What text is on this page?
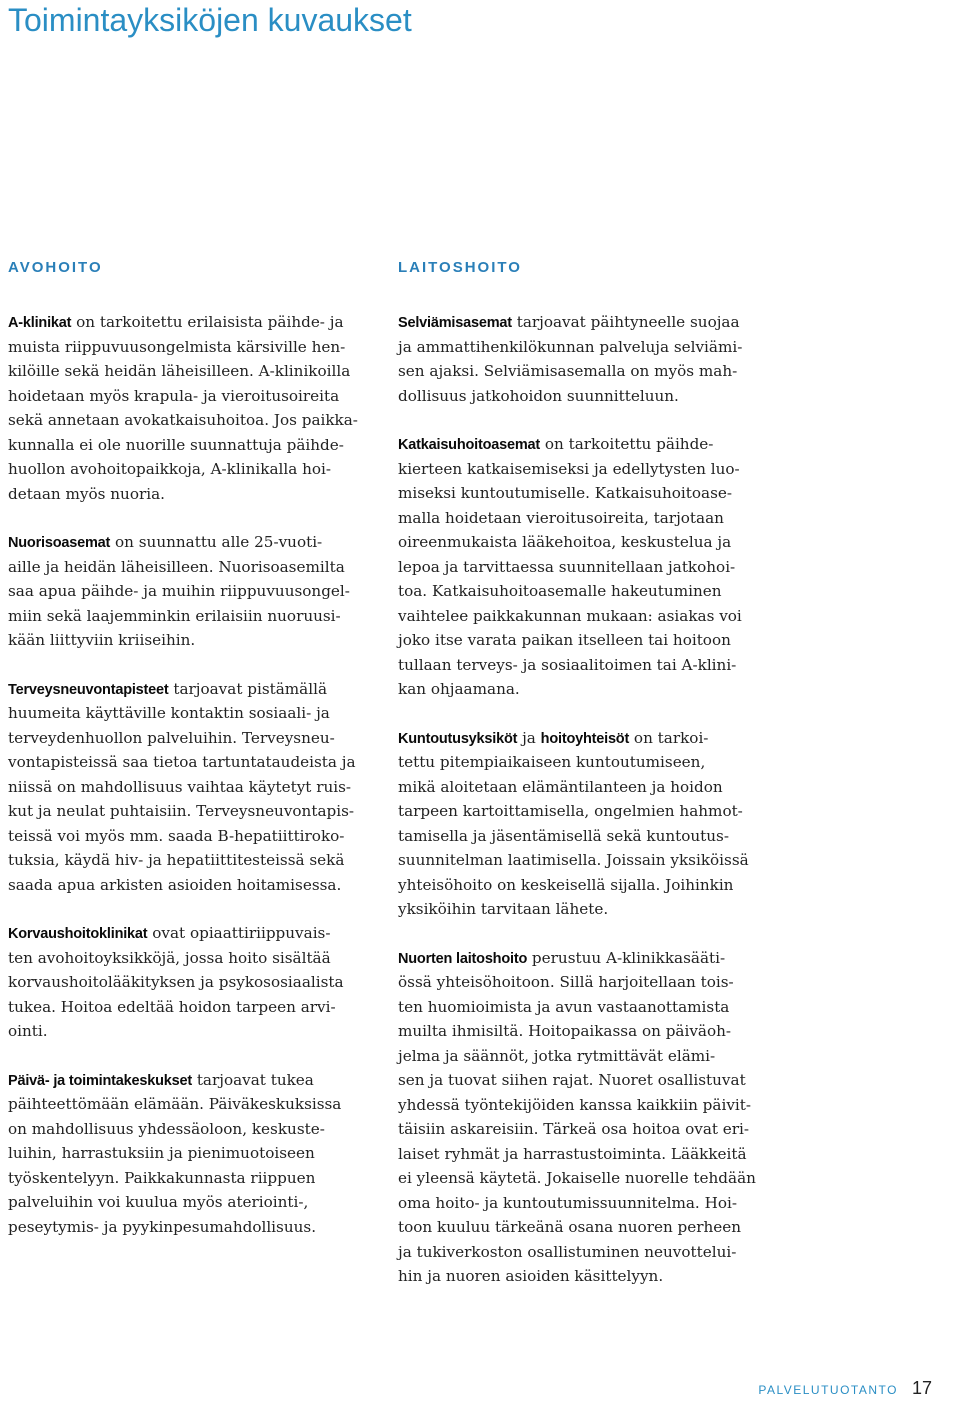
Toimintayksiköjen kuvaukset
AVOHOITO
A-klinikat on tarkoitettu erilaisista päihde- ja
muista riippuvuusongelmista kärsiville hen-
kilöille sekä heidän läheisilleen. A-klinikoilla
hoidetaan myös krapula- ja vieroitusoireita
sekä annetaan avokatkaisuhoitoa. Jos paikka-
kunnalla ei ole nuorille suunnattuja päihde-
huollon avohoitopaikkoja, A-klinikalla hoi-
detaan myös nuoria.
Nuorisoasemat on suunnattu alle 25-vuoti-
aille ja heidän läheisilleen. Nuorisoasemilta
saa apua päihde- ja muihin riippuvuusongel-
miin sekä laajemminkin erilaisiin nuoruusi-
kään liittyviin kriiseihin.
Terveysneuvontapisteet tarjoavat pistämällä
huumeita käyttäville kontaktin sosiaali- ja
terveydenhuollon palveluihin. Terveysneu-
vontapisteissä saa tietoa tartuntataudeista ja
niissä on mahdollisuus vaihtaa käytetyt ruis-
kut ja neulat puhtaisiin. Terveysneuvontapis-
teissä voi myös mm. saada B-hepatiittiroko-
tuksia, käydä hiv- ja hepatiittitesteissä sekä
saada apua arkisten asioiden hoitamisessa.
Korvaushoitoklinikat ovat opiaattiriippuvais-
ten avohoitoyksikköjä, jossa hoito sisältää
korvaushoitolääkityksen ja psykososiaalista
tukea. Hoitoa edeltää hoidon tarpeen arvi-
ointi.
Päivä- ja toimintakeskukset tarjoavat tukea
päihteettömään elämään. Päiväkeskuksissa
on mahdollisuus yhdessäoloon, keskuste-
luihin, harrastuksiin ja pienimuotoiseen
työskentelyyn. Paikkakunnasta riippuen
palveluihin voi kuulua myös ateriointi-,
peseytymis- ja pyykinpesumahdollisuus.
LAITOSHOITO
Selviämisasemat tarjoavat päihtyneelle suojaa
ja ammattihenkilökunnan palveluja selviämi-
sen ajaksi. Selviämisasemalla on myös mah-
dollisuus jatkohoidon suunnitteluun.
Katkaisuhoitoasemat on tarkoitettu päihde-
kierteen katkaisemiseksi ja edellytysten luo-
miseksi kuntoutumiselle. Katkaisuhoitoase-
malla hoidetaan vieroitusoireita, tarjotaan
oireenmukaista lääkehoitoa, keskustelua ja
lepoa ja tarvittaessa suunnitellaan jatkohoi-
toa. Katkaisuhoitoasemalle hakeutuminen
vaihtelee paikkakunnan mukaan: asiakas voi
joko itse varata paikan itselleen tai hoitoon
tullaan terveys- ja sosiaalitoimen tai A-klini-
kan ohjaamana.
Kuntoutusyksiköt ja hoitoyhteisöt on tarkoi-
tettu pitempiaikaiseen kuntoutumiseen,
mikä aloitetaan elämäntilanteen ja hoidon
tarpeen kartoittamisella, ongelmien hahmot-
tamisella ja jäsentämisellä sekä kuntoutus-
suunnitelman laatimisella. Joissain yksiköissä
yhteisöhoito on keskeisellä sijalla. Joihinkin
yksiköihin tarvitaan lähete.
Nuorten laitoshoito perustuu A-klinikkasääti-
össä yhteisöhoitoon. Sillä harjoitellaan tois-
ten huomioimista ja avun vastaanottamista
muilta ihmisiltä. Hoitopaikassa on päiväoh-
jelma ja säännöt, jotka rytmittävät elämi-
sen ja tuovat siihen rajat. Nuoret osallistuvat
yhdessä työntekijöiden kanssa kaikkiin päivit-
täisiin askareisiin. Tärkeä osa hoitoa ovat eri-
laiset ryhmät ja harrastustoiminta. Lääkkeitä
ei yleensä käytetä. Jokaiselle nuorelle tehdään
oma hoito- ja kuntoutumissuunnitelma. Hoi-
toon kuuluu tärkeänä osana nuoren perheen
ja tukiverkoston osallistuminen neuvottelui-
hin ja nuoren asioiden käsittelyyn.
PALVELUTUOTANTO 17
